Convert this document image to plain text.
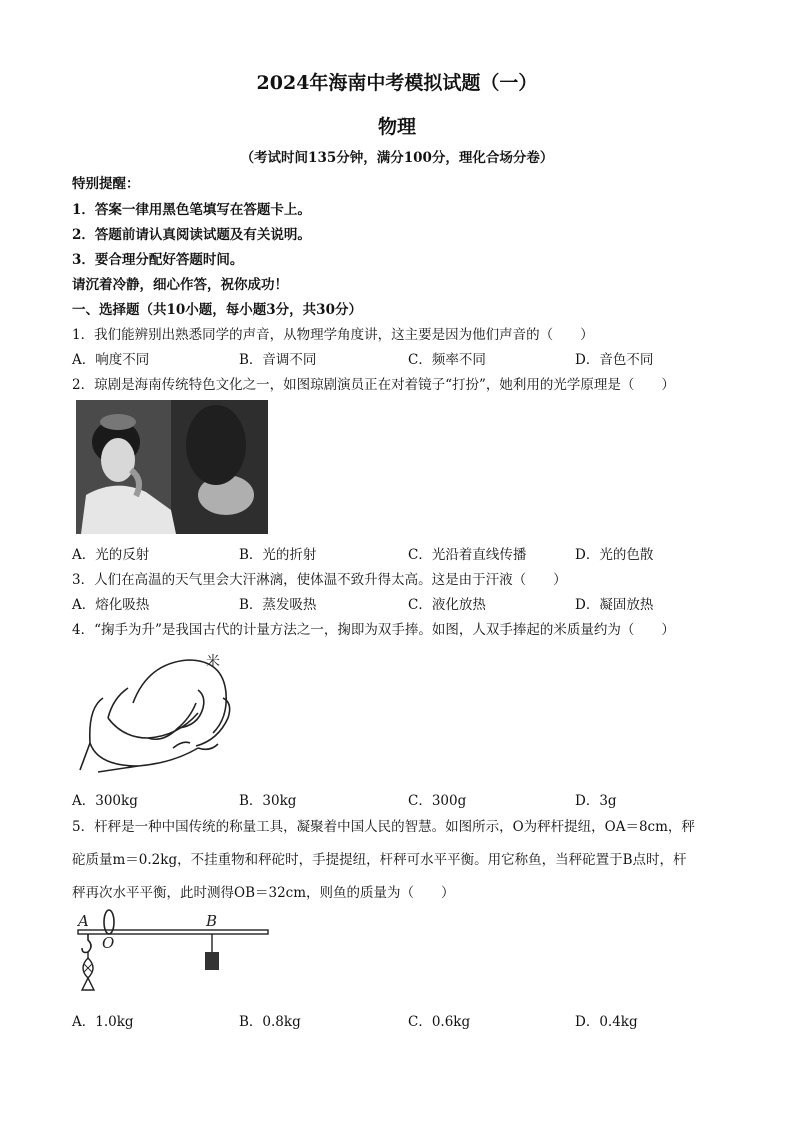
2024年海南中考模拟试题（一）
物理
（考试时间135分钟，满分100分，理化合场分卷）
特别提醒：
1．答案一律用黑色笔填写在答题卡上。
2．答题前请认真阅读试题及有关说明。
3．要合理分配好答题时间。
请沉着冷静，细心作答，祝你成功！
一、选择题（共10小题，每小题3分，共30分）
1．我们能辨别出熟悉同学的声音，从物理学角度讲，这主要是因为他们声音的（　　）
A．响度不同	B．音调不同	C．频率不同	D．音色不同
2．琼剧是海南传统特色文化之一，如图琼剧演员正在对着镜子“打扮”，她利用的光学原理是（　　）
A．光的反射	B．光的折射	C．光沿着直线传播	D．光的色散
3．人们在高温的天气里会大汗淋漓，使体温不致升得太高。这是由于汗液（　　）
A．熔化吸热	B．蒸发吸热	C．液化放热	D．凝固放热
4．“掬手为升”是我国古代的计量方法之一，掬即为双手捧。如图，人双手捧起的米质量约为（　　）
米
A．300kg	B．30kg	C．300g	D．3g
5．杆秤是一种中国传统的称量工具，凝聚着中国人民的智慧。如图所示，O为秤杆提纽，OA＝8cm，秤
砣质量m＝0.2kg，不挂重物和秤砣时，手提提纽，杆秤可水平平衡。用它称鱼，当秤砣置于B点时，杆
秤再次水平平衡，此时测得OB＝32cm，则鱼的质量为（　　）
A
O
B
A．1.0kg	B．0.8kg	C．0.6kg	D．0.4kg
